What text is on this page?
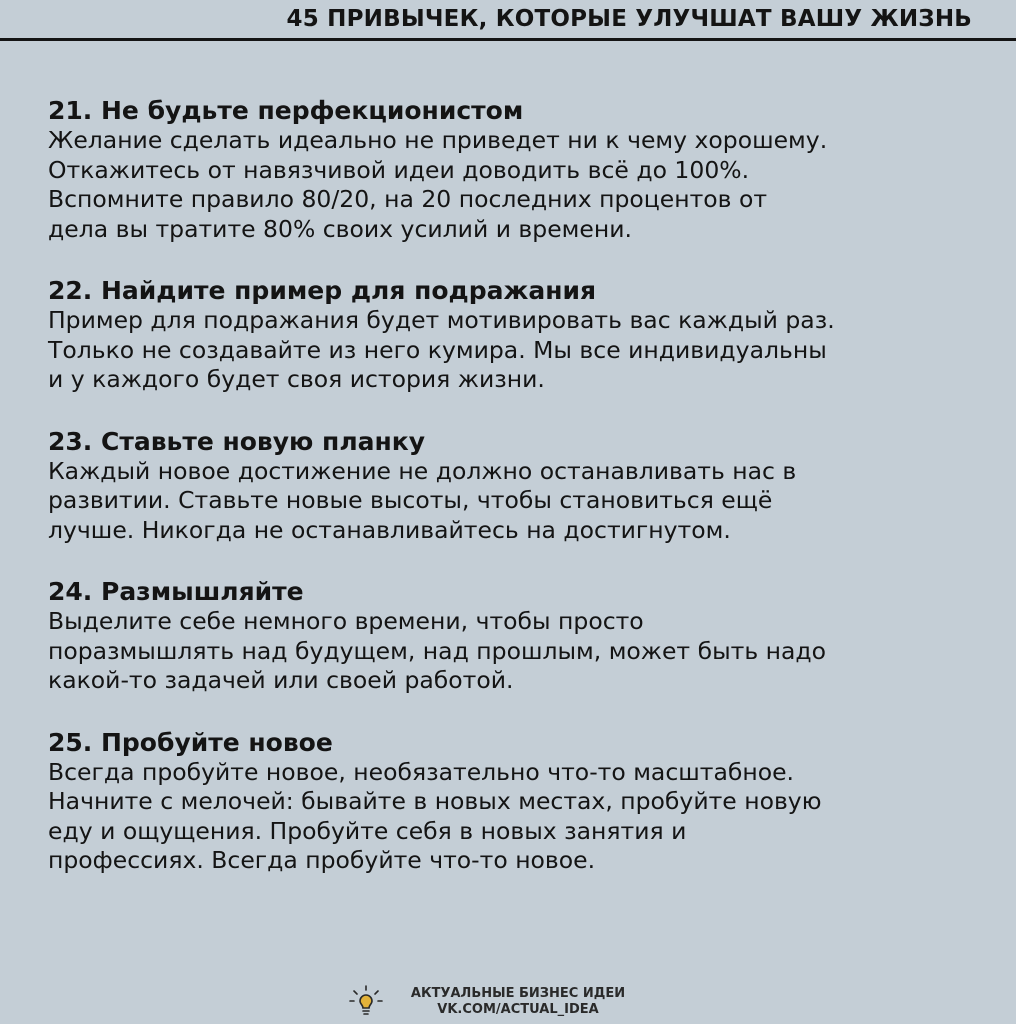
45 ПРИВЫЧЕК, КОТОРЫЕ УЛУЧШАТ ВАШУ ЖИЗНЬ
21. Не будьте перфекционистом
Желание сделать идеально не приведет ни к чему хорошему.
Откажитесь от навязчивой идеи доводить всё до 100%.
Вспомните правило 80/20, на 20 последних процентов от
дела вы тратите 80% своих усилий и времени.
22. Найдите пример для подражания
Пример для подражания будет мотивировать вас каждый раз.
Только не создавайте из него кумира. Мы все индивидуальны
и у каждого будет своя история жизни.
23. Ставьте новую планку
Каждый новое достижение не должно останавливать нас в
развитии. Ставьте новые высоты, чтобы становиться ещё
лучше. Никогда не останавливайтесь на достигнутом.
24. Размышляйте
Выделите себе немного времени, чтобы просто
поразмышлять над будущем, над прошлым, может быть надо
какой-то задачей или своей работой.
25. Пробуйте новое
Всегда пробуйте новое, необязательно что-то масштабное.
Начните с мелочей: бывайте в новых местах, пробуйте новую
еду и ощущения. Пробуйте себя в новых занятия и
профессиях. Всегда пробуйте что-то новое.
АКТУАЛЬНЫЕ БИЗНЕС ИДЕИ
VK.COM/ACTUAL_IDEA
